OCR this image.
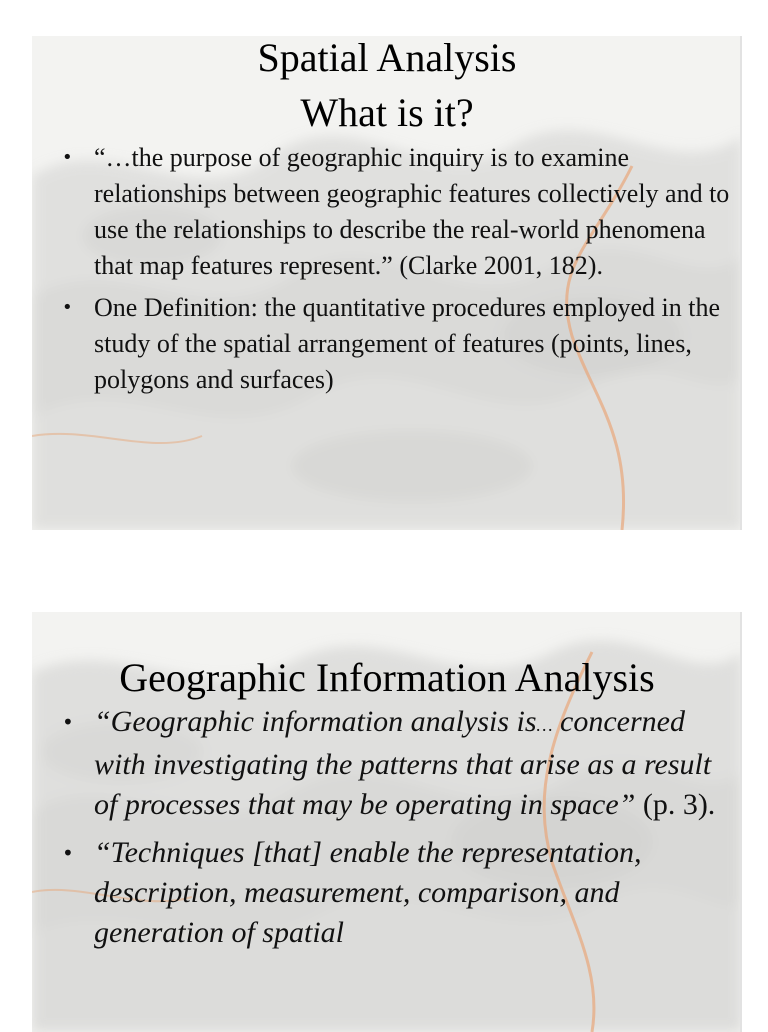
Spatial Analysis
What is it?
• “…the purpose of geographic inquiry is to examine relationships between geographic features collectively and to use the relationships to describe the real-world phenomena that map features represent.” (Clarke 2001, 182).
• One Definition: the quantitative procedures employed in the study of the spatial arrangement of features (points, lines, polygons and surfaces)
Geographic Information Analysis
• “Geographic information analysis is… concerned with investigating the patterns that arise as a result of processes that may be operating in space” (p. 3).
• “Techniques [that] enable the representation, description, measurement, comparison, and generation of spatial
